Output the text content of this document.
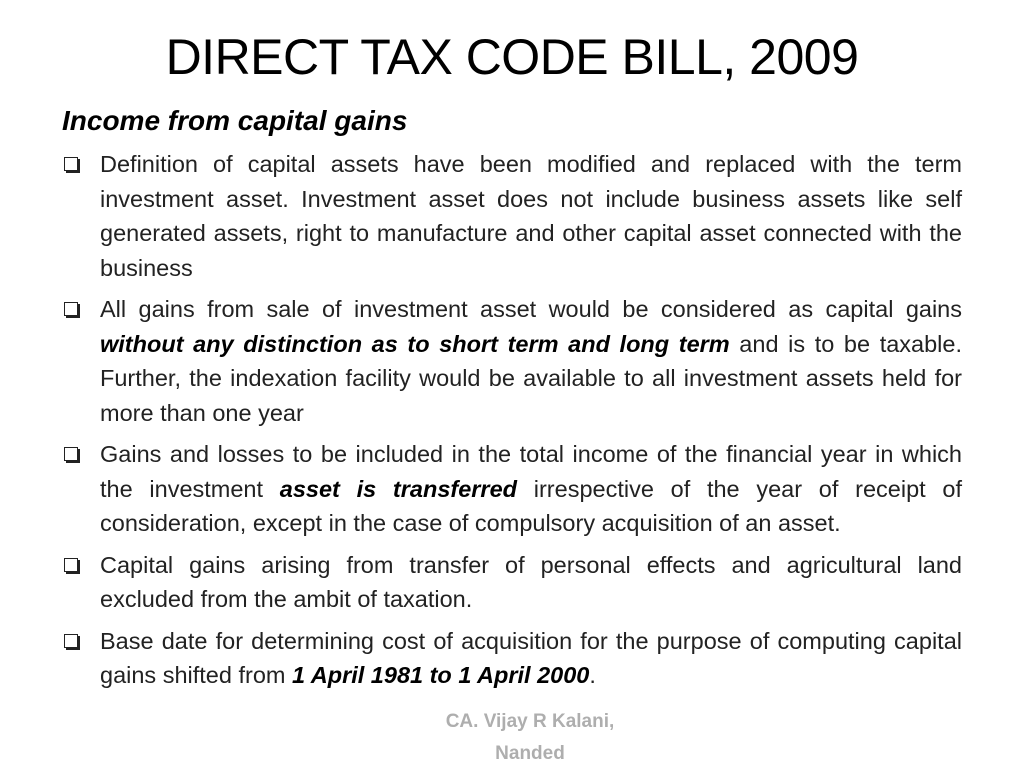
DIRECT TAX CODE BILL, 2009
Income from capital gains
Definition of capital assets have been modified and replaced with the term investment asset. Investment asset does not include business assets like self generated assets, right to manufacture and other capital asset connected with the business
All gains from sale of investment asset would be considered as capital gains without any distinction as to short term and long term and is to be taxable. Further, the indexation facility would be available to all investment assets held for more than one year
Gains and losses to be included in the total income of the financial year in which the investment asset is transferred irrespective of the year of receipt of consideration, except in the case of compulsory acquisition of an asset.
Capital gains arising from transfer of personal effects and agricultural land excluded from the ambit of taxation.
Base date for determining cost of acquisition for the purpose of computing capital gains shifted from 1 April 1981 to 1 April 2000.
CA. Vijay R Kalani,
Nanded
